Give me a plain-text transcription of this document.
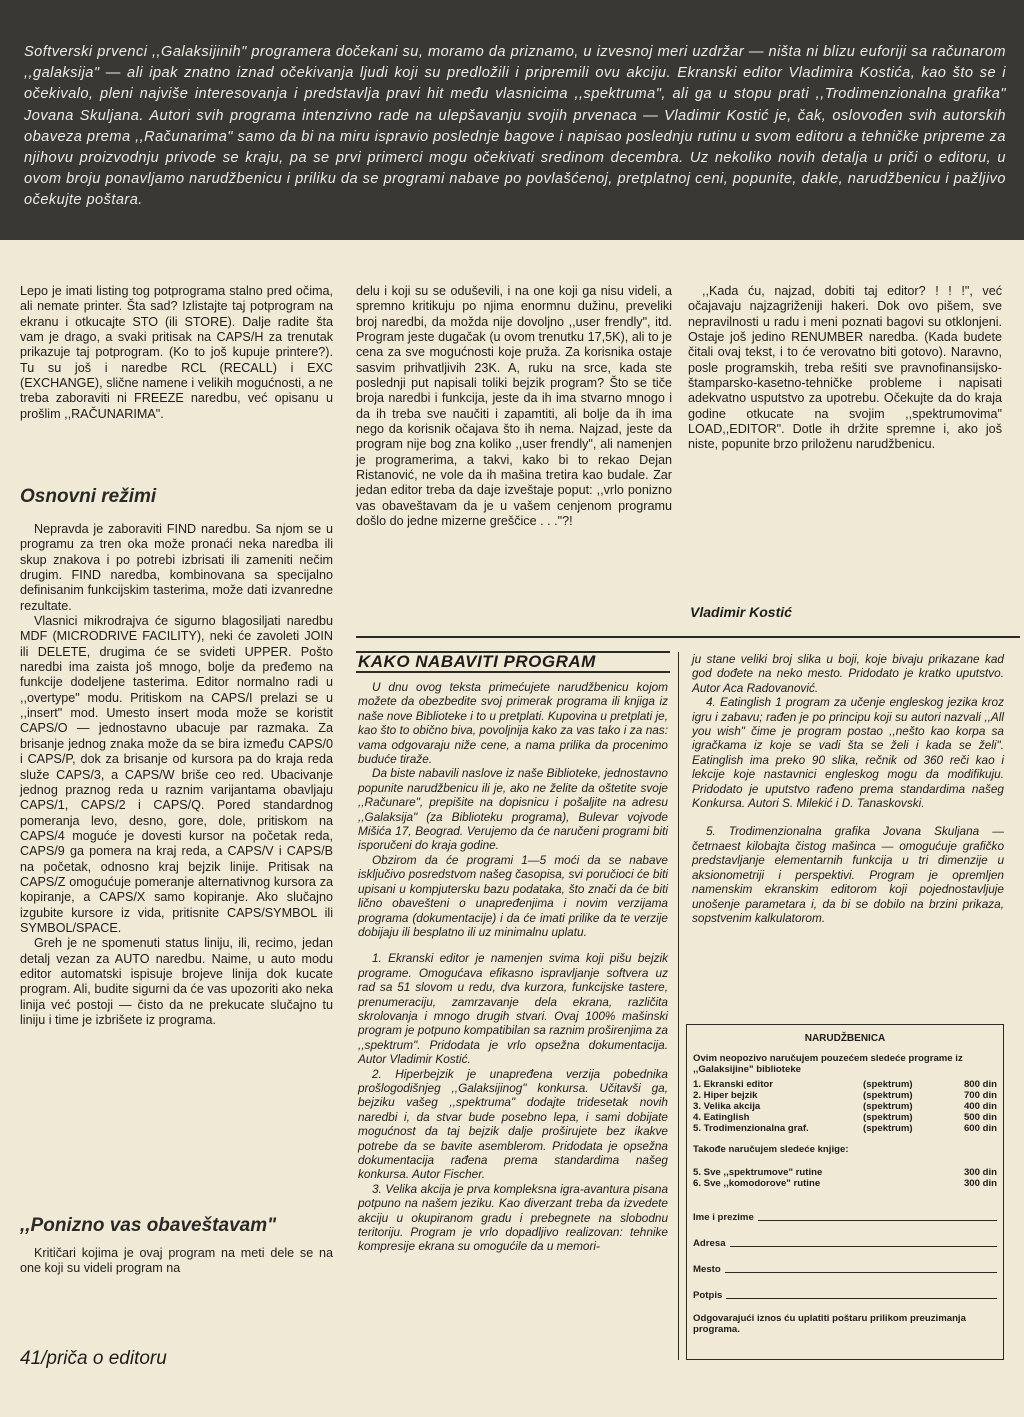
Softverski prvenci ,,Galaksijinih" programera dočekani su, moramo da priznamo, u izvesnoj meri uzdržar — ništa ni blizu euforiji sa računarom ,,galaksija" — ali ipak znatno iznad očekivanja ljudi koji su predložili i pripremili ovu akciju. Ekranski editor Vladimira Kostića, kao što se i očekivalo, pleni najviše interesovanja i predstavlja pravi hit među vlasnicima ,,spektruma", ali ga u stopu prati ,,Trodimenzionalna grafika" Jovana Skuljana. Autori svih programa intenzivno rade na ulepšavanju svojih prvenaca — Vladimir Kostić je, čak, oslovođen svih autorskih obaveza prema ,,Računarima" samo da bi na miru ispravio poslednje bagove i napisao poslednju rutinu u svom editoru a tehničke pripreme za njihovu proizvodnju privode se kraju, pa se prvi primerci mogu očekivati sredinom decembra. Uz nekoliko novih detalja u priči o editoru, u ovom broju ponavljamo narudžbenicu i priliku da se programi nabave po povlašćenoj, pretplatnoj ceni, popunite, dakle, narudžbenicu i pažljivo očekujte poštara.

Lepo je imati listing tog potprograma stalno pred očima, ali nemate printer. Šta sad? Izlistajte taj potprogram na ekranu i otkucajte STO (ili STORE). Dalje radite šta vam je drago, a svaki pritisak na CAPS/H za trenutak prikazuje taj potprogram. (Ko to još kupuje printere?). Tu su još i naredbe RCL (RECALL) i EXC (EXCHANGE), slične namene i velikih mogućnosti, a ne treba zaboraviti ni FREEZE naredbu, već opisanu u prošlim ,,RAČUNARIMA".

Osnovni režimi

Nepravda je zaboraviti FIND naredbu. Sa njom se u programu za tren oka može pronaći neka naredba ili skup znakova i po potrebi izbrisati ili zameniti nečim drugim. FIND naredba, kombinovana sa specijalno definisanim funkcijskim tasterima, može dati izvanredne rezultate.

Vlasnici mikrodrajva će sigurno blagosiljati naredbu MDF (MICRODRIVE FACILITY), neki će zavoleti JOIN ili DELETE, drugima će se svideti UPPER. Pošto naredbi ima zaista još mnogo, bolje da pređemo na funkcije dodeljene tasterima. Editor normalno radi u ,,overtype" modu. Pritiskom na CAPS/I prelazi se u ,,insert" mod. Umesto insert moda može se koristit CAPS/O — jednostavno ubacuje par razmaka. Za brisanje jednog znaka može da se bira između CAPS/0 i CAPS/P, dok za brisanje od kursora pa do kraja reda služe CAPS/3, a CAPS/W briše ceo red. Ubacivanje jednog praznog reda u raznim varijantama obavljaju CAPS/1, CAPS/2 i CAPS/Q. Pored standardnog pomeranja levo, desno, gore, dole, pritiskom na CAPS/4 moguće je dovesti kursor na početak reda, CAPS/9 ga pomera na kraj reda, a CAPS/V i CAPS/B na početak, odnosno kraj bejzik linije. Pritisak na CAPS/Z omogućuje pomeranje alternativnog kursora za kopiranje, a CAPS/X samo kopiranje. Ako slučajno izgubite kursore iz vida, pritisnite CAPS/SYMBOL ili SYMBOL/SPACE.

Greh je ne spomenuti status liniju, ili, recimo, jedan detalj vezan za AUTO naredbu. Naime, u auto modu editor automatski ispisuje brojeve linija dok kucate program. Ali, budite sigurni da će vas upozoriti ako neka linija već postoji — čisto da ne prekucate slučajno tu liniju i time je izbrišete iz programa.

,,Ponizno vas obaveštavam"

Kritičari kojima je ovaj program na meti dele se na one koji su videli program na

delu i koji su se oduševili, i na one koji ga nisu videli, a spremno kritikuju po njima enormnu dužinu, preveliki broj naredbi, da možda nije dovoljno ,,user frendly", itd. Program jeste dugačak (u ovom trenutku 17,5K), ali to je cena za sve mogućnosti koje pruža. Za korisnika ostaje sasvim prihvatljivih 23K. A, ruku na srce, kada ste poslednji put napisali toliki bejzik program? Što se tiče broja naredbi i funkcija, jeste da ih ima stvarno mnogo i da ih treba sve naučiti i zapamtiti, ali bolje da ih ima nego da korisnik očajava što ih nema. Najzad, jeste da program nije bog zna koliko ,,user frendly", ali namenjen je programerima, a takvi, kako bi to rekao Dejan Ristanović, ne vole da ih mašina tretira kao budale. Zar jedan editor treba da daje izveštaje poput: ,,vrlo ponizno vas obaveštavam da je u vašem cenjenom programu došlo do jedne mizerne greščice . . ."?!

,,Kada ću, najzad, dobiti taj editor? ! ! !", već očajavaju najzagriženiji hakeri. Dok ovo pišem, sve nepravilnosti u radu i meni poznati bagovi su otklonjeni. Ostaje još jedino RENUMBER naredba. (Kada budete čitali ovaj tekst, i to će verovatno biti gotovo). Naravno, posle programskih, treba rešiti sve pravnofinansijsko-štamparsko-kasetno-tehničke probleme i napisati adekvatno usputstvo za upotrebu. Očekujte da do kraja godine otkucate na svojim ,,spektrumovima" LOAD,,EDITOR". Dotle ih držite spremne i, ako još niste, popunite brzo priloženu narudžbenicu.

Vladimir Kostić
KAKO NABAVITI PROGRAM

U dnu ovog teksta primećujete narudžbenicu kojom možete da obezbedite svoj primerak programa ili knjiga iz naše nove Biblioteke i to u pretplati. Kupovina u pretplati je, kao što to obično biva, povoljnija kako za vas tako i za nas: vama odgovaraju niže cene, a nama prilika da procenimo buduće tiraže.

Da biste nabavili naslove iz naše Biblioteke, jednostavno popunite narudžbenicu ili je, ako ne želite da oštetite svoje ,,Računare", prepišite na dopisnicu i pošaljite na adresu ,,Galaksija" (za Biblioteku programa), Bulevar vojvode Mišića 17, Beograd. Verujemo da će naručeni programi biti isporučeni do kraja godine.

Obzirom da će programi 1—5 moći da se nabave isključivo posredstvom našeg časopisa, svi poručioci će biti upisani u kompjutersku bazu podataka, što znači da će biti lično obavešteni o unapređenjima i novim verzijama programa (dokumentacije) i da će imati prilike da te verzije dobijaju ili besplatno ili uz minimalnu uplatu.

1. Ekranski editor je namenjen svima koji pišu bejzik programe. Omogućava efikasno ispravljanje softvera uz rad sa 51 slovom u redu, dva kurzora, funkcijske tastere, prenumeraciju, zamrzavanje dela ekrana, različita skrolovanja i mnogo drugih stvari. Ovaj 100% mašinski program je potpuno kompatibilan sa raznim proširenjima za ,,spektrum". Pridodata je vrlo opsežna dokumentacija. Autor Vladimir Kostić.

2. Hiperbejzik je unapređena verzija pobednika prošlogodišnjeg ,,Galaksijinog" konkursa. Učitavši ga, bejziku vašeg ,,spektruma" dodajte tridesetak novih naredbi i, da stvar bude posebno lepa, i sami dobijate mogućnost da taj bejzik dalje proširujete bez ikakve potrebe da se bavite asemblerom. Pridodata je opsežna dokumentacija rađena prema standardima našeg konkursa. Autor Fischer.

3. Velika akcija je prva kompleksna igra-avantura pisana potpuno na našem jeziku. Kao diverzant treba da izvedete akciju u okupiranom gradu i prebegnete na slobodnu teritoriju. Program je vrlo dopadljivo realizovan: tehnike kompresije ekrana su omogućile da u memori-

ju stane veliki broj slika u boji, koje bivaju prikazane kad god dođete na neko mesto. Pridodato je kratko uputstvo. Autor Aca Radovanović.

4. Eatinglish 1 program za učenje engleskog jezika kroz igru i zabavu; rađen je po principu koji su autori nazvali ,,All you wish" čime je program postao ,,nešto kao korpa sa igračkama iz koje se vadi šta se želi i kada se želi". Eatinglish ima preko 90 slika, rečnik od 360 reči kao i lekcije koje nastavnici engleskog mogu da modifikuju. Pridodato je uputstvo rađeno prema standardima našeg Konkursa. Autori S. Milekić i D. Tanaskovski.

5. Trodimenzionalna grafika Jovana Skuljana — četrnaest kilobajta čistog mašinca — omogućuje grafičko predstavljanje elementarnih funkcija u tri dimenzije u aksionometriji i perspektivi. Program je opremljen namenskim ekranskim editorom koji pojednostavljuje unošenje parametara i, da bi se dobilo na brzini prikaza, sopstvenim kalkulatorom.

NARUDŽBENICA
Ovim neopozivo naručujem pouzećem sledeće programe iz ,,Galaksijine" biblioteke
1. Ekranski editor	(spektrum)	800 din
2. Hiper bejzik	(spektrum)	700 din
3. Velika akcija	(spektrum)	400 din
4. Eatinglish	(spektrum)	500 din
5. Trodimenzionalna graf.	(spektrum)	600 din
Takođe naručujem sledeće knjige:
5. Sve ,,spektrumove" rutine	300 din
6. Sve ,,komodorove" rutine	300 din
Ime i prezime
Adresa
Mesto
Potpis
Odgovarajući iznos ću uplatiti poštaru prilikom preuzimanja programa.
41/priča o editoru
